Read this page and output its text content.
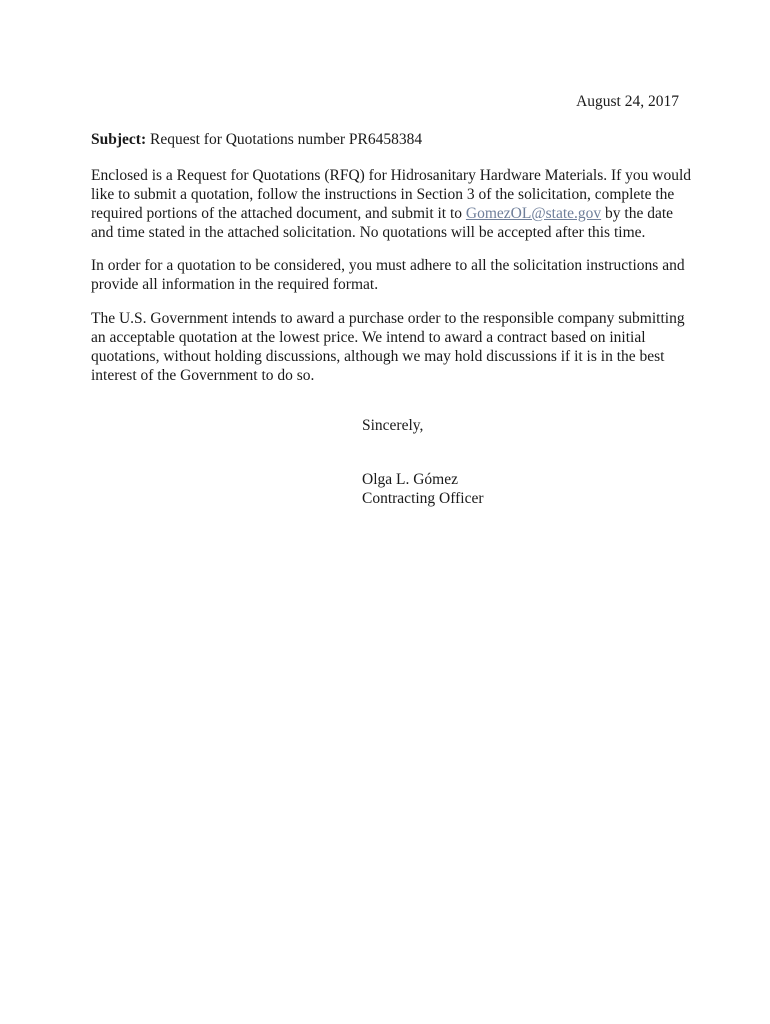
August 24, 2017
Subject: Request for Quotations number PR6458384
Enclosed is a Request for Quotations (RFQ) for Hidrosanitary Hardware Materials. If you would
like to submit a quotation, follow the instructions in Section 3 of the solicitation, complete the
required portions of the attached document, and submit it to GomezOL@state.gov by the date
and time stated in the attached solicitation. No quotations will be accepted after this time.
In order for a quotation to be considered, you must adhere to all the solicitation instructions and
provide all information in the required format.
The U.S. Government intends to award a purchase order to the responsible company submitting
an acceptable quotation at the lowest price. We intend to award a contract based on initial
quotations, without holding discussions, although we may hold discussions if it is in the best
interest of the Government to do so.
Sincerely,
Olga L. Gómez
Contracting Officer
